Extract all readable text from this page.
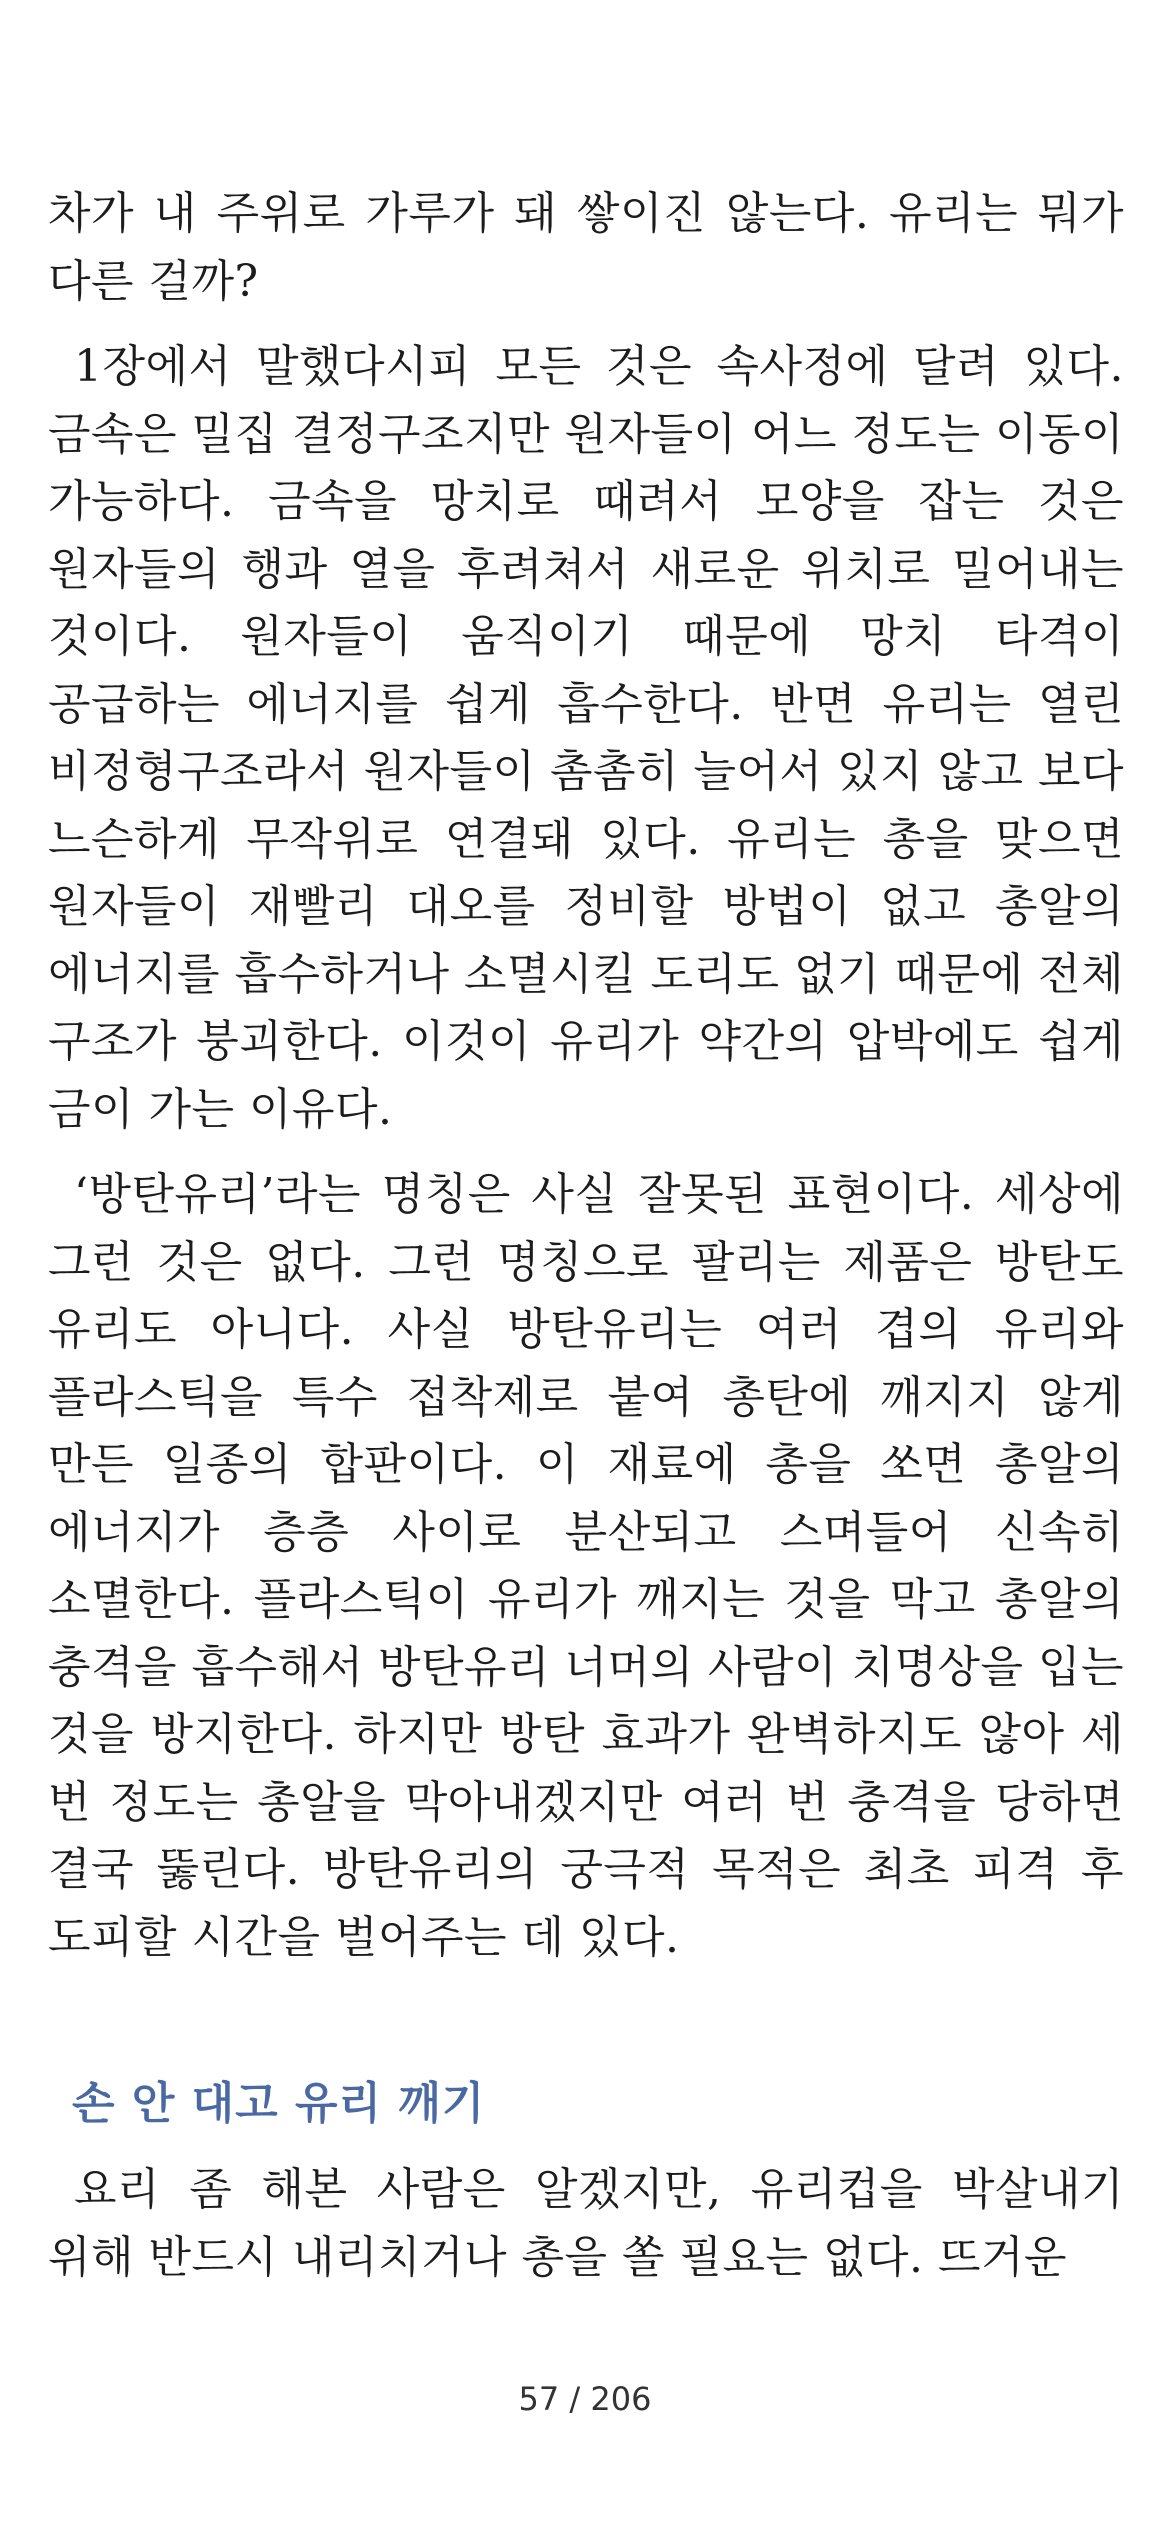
차가 내 주위로 가루가 돼 쌓이진 않는다. 유리는 뭐가 다른 걸까?

1장에서 말했다시피 모든 것은 속사정에 달려 있다. 금속은 밀집 결정구조지만 원자들이 어느 정도는 이동이 가능하다. 금속을 망치로 때려서 모양을 잡는 것은 원자들의 행과 열을 후려쳐서 새로운 위치로 밀어내는 것이다. 원자들이 움직이기 때문에 망치 타격이 공급하는 에너지를 쉽게 흡수한다. 반면 유리는 열린 비정형구조라서 원자들이 촘촘히 늘어서 있지 않고 보다 느슨하게 무작위로 연결돼 있다. 유리는 총을 맞으면 원자들이 재빨리 대오를 정비할 방법이 없고 총알의 에너지를 흡수하거나 소멸시킬 도리도 없기 때문에 전체 구조가 붕괴한다. 이것이 유리가 약간의 압박에도 쉽게 금이 가는 이유다.

‘방탄유리’라는 명칭은 사실 잘못된 표현이다. 세상에 그런 것은 없다. 그런 명칭으로 팔리는 제품은 방탄도 유리도 아니다. 사실 방탄유리는 여러 겹의 유리와 플라스틱을 특수 접착제로 붙여 총탄에 깨지지 않게 만든 일종의 합판이다. 이 재료에 총을 쏘면 총알의 에너지가 층층 사이로 분산되고 스며들어 신속히 소멸한다. 플라스틱이 유리가 깨지는 것을 막고 총알의 충격을 흡수해서 방탄유리 너머의 사람이 치명상을 입는 것을 방지한다. 하지만 방탄 효과가 완벽하지도 않아 세 번 정도는 총알을 막아내겠지만 여러 번 충격을 당하면 결국 뚫린다. 방탄유리의 궁극적 목적은 최초 피격 후 도피할 시간을 벌어주는 데 있다.

손 안 대고 유리 깨기

요리 좀 해본 사람은 알겠지만, 유리컵을 박살내기 위해 반드시 내리치거나 총을 쏠 필요는 없다. 뜨거운

57 / 206
